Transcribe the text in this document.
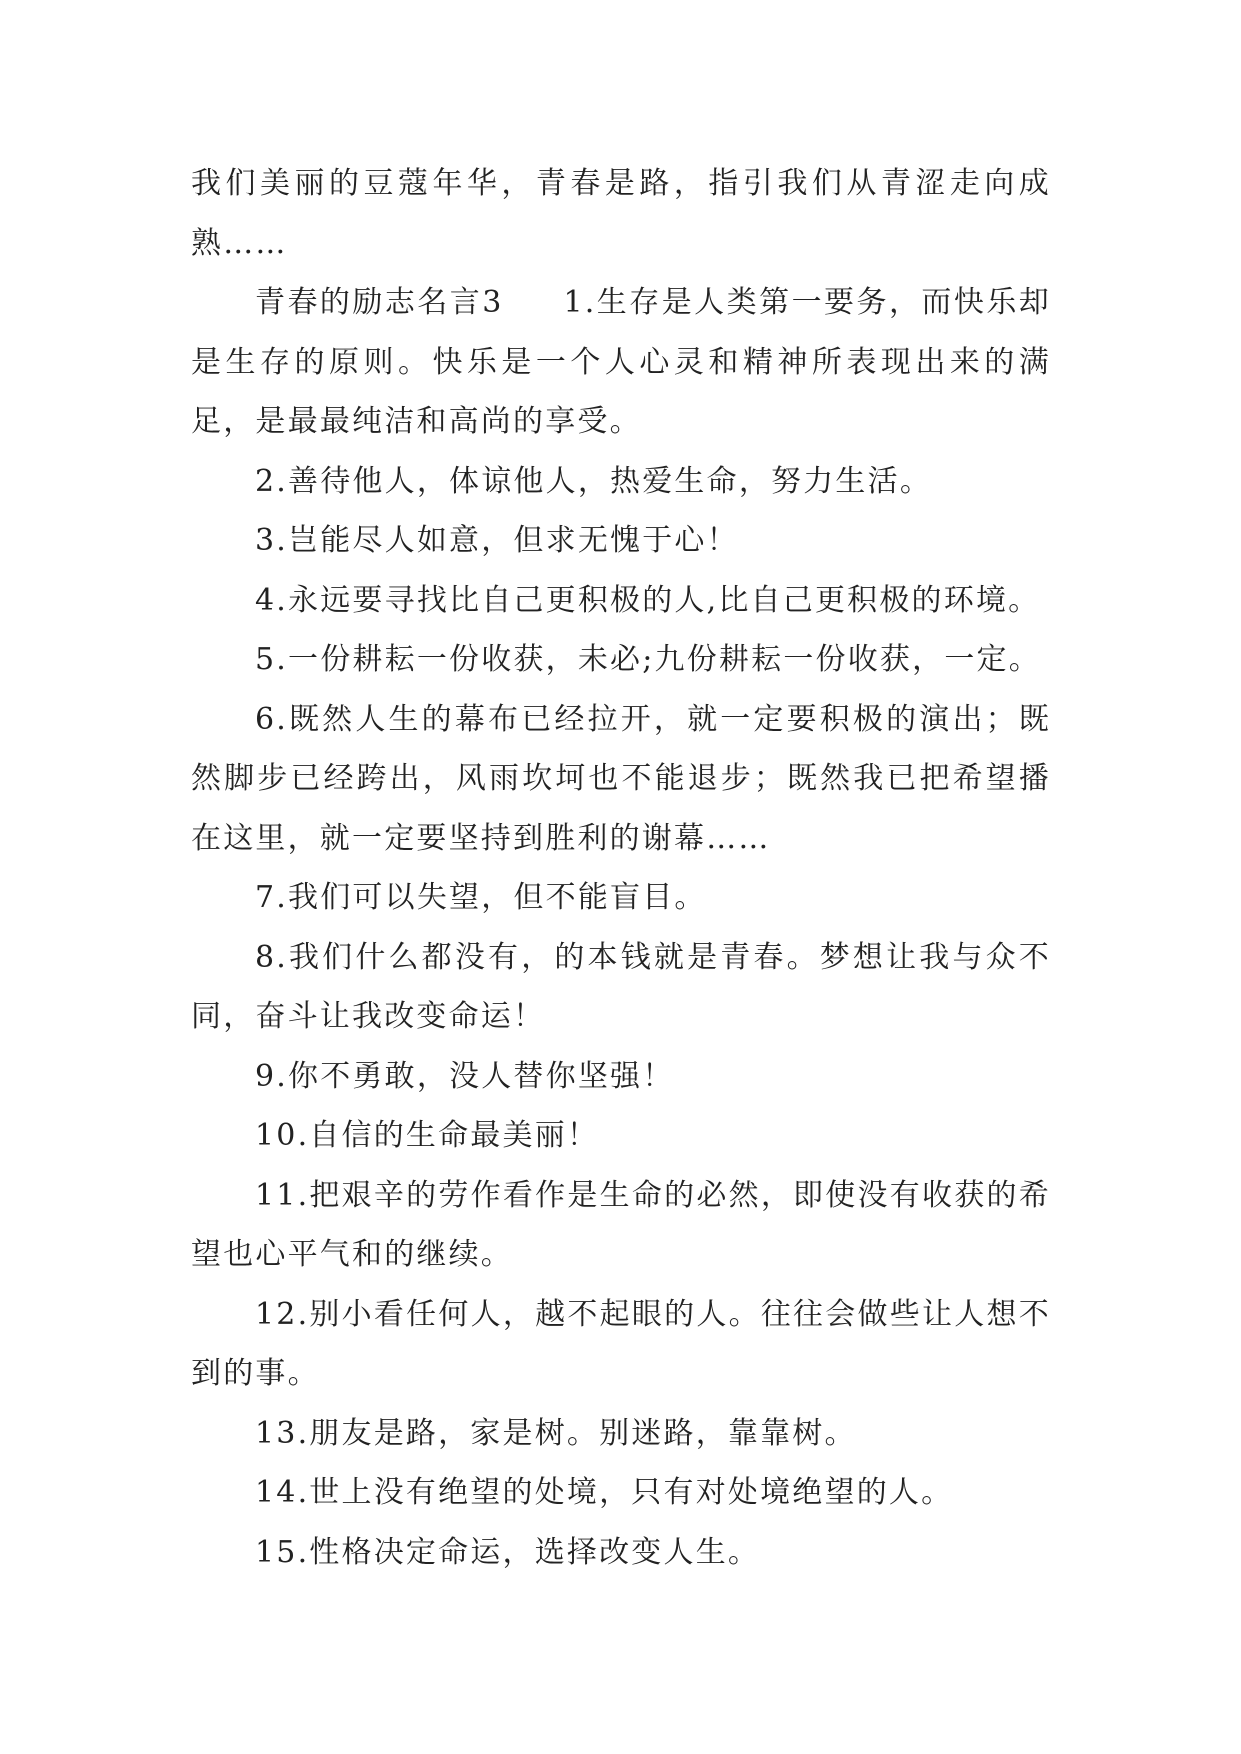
我们美丽的豆蔻年华，青春是路，指引我们从青涩走向成熟……

青春的励志名言3 1.生存是人类第一要务，而快乐却是生存的原则。快乐是一个人心灵和精神所表现出来的满足，是最最纯洁和高尚的享受。

2.善待他人，体谅他人，热爱生命，努力生活。

3.岂能尽人如意，但求无愧于心！

4.永远要寻找比自己更积极的人,比自己更积极的环境。

5.一份耕耘一份收获，未必;九份耕耘一份收获，一定。

6.既然人生的幕布已经拉开，就一定要积极的演出；既然脚步已经跨出，风雨坎坷也不能退步；既然我已把希望播在这里，就一定要坚持到胜利的谢幕……

7.我们可以失望，但不能盲目。

8.我们什么都没有，的本钱就是青春。梦想让我与众不同，奋斗让我改变命运！

9.你不勇敢，没人替你坚强！

10.自信的生命最美丽！

11.把艰辛的劳作看作是生命的必然，即使没有收获的希望也心平气和的继续。

12.别小看任何人，越不起眼的人。往往会做些让人想不到的事。

13.朋友是路，家是树。别迷路，靠靠树。

14.世上没有绝望的处境，只有对处境绝望的人。

15.性格决定命运，选择改变人生。
